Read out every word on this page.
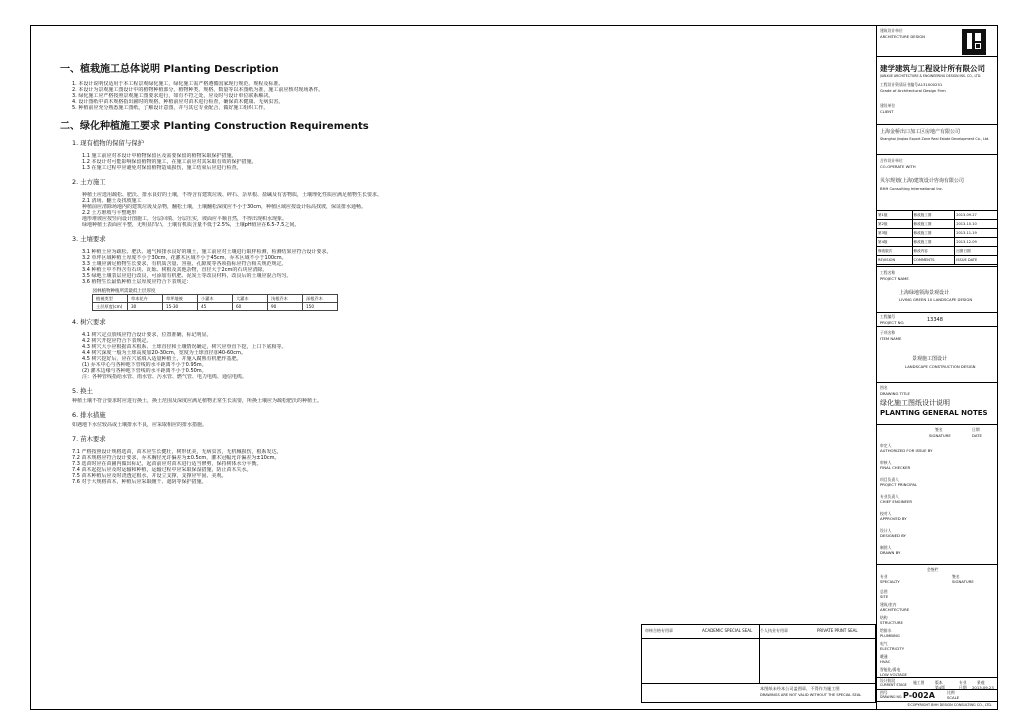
一、植栽施工总体说明 Planting Description
1. 本设计说明仅适用于本工程景观绿化施工，绿化施工需严格遵循国家现行规范、规程及标准。
2. 本设计为景观施工图设计中的植物种植部分，植物种类、规格、数量等以本图纸为准，施工前应核对现场条件。
3. 绿化施工应严格按照景观施工图要求进行，如有不符之处，应及时与设计单位联系解决。
4. 设计图纸中苗木规格指出圃时的规格，种植前应对苗木进行检查，确保苗木健康、无病虫害。
5. 种植前应充分熟悉施工图纸，了解设计意图，并与其它专业配合，做好施工组织工作。
二、绿化种植施工要求 Planting Construction Requirements
1. 现有植物的保留与保护
1.1 施工前应对本设计中植物保留区及需要保留的植物采取保护措施。
1.2 本设计对可能影响保留植物的施工，在施工前应对其采取有效的保护措施。
1.3 在施工过程中应避免对保留植物造成损伤，施工结束后应进行检查。
2. 土方施工
种植土应选用疏松、肥沃、排水良好的土壤，不得含有建筑垃圾、碎石、杂草根、盐碱及有害物质，土壤理化性质应满足植物生长要求。
2.1 清场、翻土及找坡施工
种植前应清除场地内的建筑垃圾及杂物，翻松土壤，土壤翻松深度应不小于30cm，种植区域应按设计标高找坡，保证排水通畅。
2.2 土方堆坡与平整地形
地形堆坡应按竖向设计图施工，分层回填、分层压实，坡面应平顺自然，不得出现积水现象。
绿地种植土表面应平整，无明显凹凸，土壤有机质含量不低于2.5%，土壤pH值应在6.5-7.5之间。
3. 土壤要求
3.1 种植土应为疏松、肥沃、通气和排水良好的壤土，施工前应对土壤进行取样检测，检测结果应符合设计要求。
3.2 草坪区域种植土厚度不小于30cm，花灌木区域不小于45cm，乔木区域不小于100cm。
3.3 土壤应满足植物生长要求，有机质含量、容重、孔隙度等各项指标应符合相关规范规定。
3.4 种植土中不得含有石块、瓦砾、树根及其他杂物，直径大于2cm的石块应清除。
3.5 绿地土壤表层应进行改良，可添加有机肥、泥炭土等改良材料，改良后的土壤应混合均匀。
3.6 植物生长最低种植土层厚度应符合下表规定：
园林植物种植所需最低土层厚度						
植被类型	草本花卉	草坪地被	小灌木	大灌木	浅根乔木	深根乔木
土层厚度(cm)	30	15-30	45	60	90	150
4. 树穴要求
4.1 树穴定点放线应符合设计要求，位置准确，标记明显。
4.2 树穴开挖应符合下表规定。
4.3 树穴大小应根据苗木根系、土球直径和土壤情况确定，树穴应垂直下挖，上口下底相等。
4.4 树穴深度一般为土球高度加20-30cm，宽度为土球直径加40-60cm。
4.5 树穴挖好后，应在穴底填入适量种植土，并施入腐熟有机肥作基肥。
(1) 乔木中心与各种地下管线的水平距离不小于0.95m。
(2) 灌木边缘与各种地下管线的水平距离不小于0.50m。
注：各种管线指给水管、雨水管、污水管、燃气管、电力电缆、通信电缆。
5. 换土
种植土壤不符合要求时应进行换土，换土范围及深度应满足植物正常生长需要，所换土壤应为疏松肥沃的种植土。
6. 排水措施
如遇地下水位较高或土壤排水不良，应采取相应的排水措施。
7. 苗木要求
7.1 严格按照设计规格选苗，苗木应生长健壮，树形优美，无病虫害，无机械损伤，根系发达。
7.2 苗木规格应符合设计要求，乔木胸径允许偏差为±0.5cm，灌木冠幅允许偏差为±10cm。
7.3 选苗时应在苗圃内做出标记，起苗前应对苗木进行适当修剪，保持树体水分平衡。
7.4 苗木起挖后应及时运输和种植，运输过程中应采取保湿措施，防止苗木失水。
7.5 苗木种植后应及时浇透定根水，并设立支撑，支撑应牢固、美观。
7.6 对于大规格苗木，种植后应采取缠干、遮阴等保护措施。
审核合格专用章	ACADEMIC SPECIAL SEAL 个人执业专用章	PRIVATE PRINT SEAL
本图纸未经本公司盖图章，不得作为施工图
DRAWINGS ARE NOT VALID WITHOUT THE SPECIAL SEAL
建筑设计单位
ARCHITECTURE DESIGN
建学建筑与工程设计所有限公司
JIANXUE ARCHITECTURE & ENGINEERING DESIGN INS. CO., LTD.
工程设计资质证书编号A131000251
Grade of Architectural Design Firm
建设单位
CLIENT
上海金桥出口加工区房地产有限公司
Shanghai Jinqiao Export Zone Real Estate Development Co., Ltd.
合作设计单位
CO-OPERATE WITH
贝尔规划(上海)建筑设计咨询有限公司
BHH Consulting International Inc.
第1版	修改施工图	2013.09.27
第2版	修改施工图	2013.10.10
第3版	修改施工图	2013.11.19
第4版	修改施工图	2013.12.09
修改版次	修改内容	出图日期
REVISION	COMMENTS	ISSUE DATE
工程名称
PROJECT NAME
上海绿地领海景观设计
LIVING GREEN 10 LANDSCAPE DESIGN
工程编号
PROJECT NO.	13348
子项名称
ITEM NAME
景观施工图设计
LANDSCAPE CONSTRUCTION DESIGN
图名
DRAWING TITLE
绿化施工图纸设计说明
PLANTING GENERAL NOTES
签名	日期
SIGNATURE	DATE
审定人
AUTHORIZED FOR ISSUE BY
审核人
FINAL CHECKER
项目负责人
PROJECT PRINCIPAL
专业负责人
CHIEF ENGINEER
校对人
APPROVED BY
设计人
DESIGNED BY
制图人
DRAWN BY
会签栏
专业	签名
SPECIALTY	SIGNATURE
总图
SITE
建筑/室内
ARCHITECTURE
结构
STRUCTURE
给排水
PLUMBING
电气
ELECTRICITY
暖通
HVAC
智能化/弱电
LOW VOLTAGE
设计阶段
CURRENT STAGE 施工图	版本
第4版
专业	景观
日期 2013.09.23
图号
DRAWING NO. P-002A	比例
SCALE
©COPYRIGHT BHH DESIGN CONSULTING CO., LTD.
